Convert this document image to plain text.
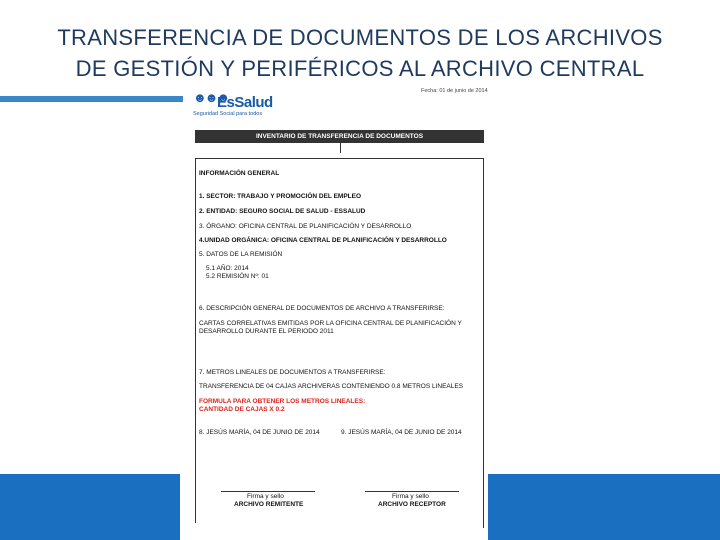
TRANSFERENCIA DE DOCUMENTOS DE LOS ARCHIVOS
DE GESTIÓN Y PERIFÉRICOS AL ARCHIVO CENTRAL
☻☻☻
EsSalud
Seguridad Social para todos
Fecha: 01 de junio de 2014
INVENTARIO DE TRANSFERENCIA DE DOCUMENTOS
INFORMACIÓN GENERAL
1. SECTOR: TRABAJO Y PROMOCIÓN DEL EMPLEO
2. ENTIDAD: SEGURO SOCIAL DE SALUD - ESSALUD
3. ÓRGANO: OFICINA CENTRAL DE PLANIFICACIÓN Y DESARROLLO
4.UNIDAD ORGÁNICA: OFICINA CENTRAL DE PLANIFICACIÓN Y DESARROLLO
5. DATOS DE LA REMISIÓN
5.1 AÑO: 2014
5.2 REMISIÓN Nº: 01
6. DESCRIPCIÓN GENERAL DE DOCUMENTOS DE ARCHIVO A TRANSFERIRSE:
CARTAS CORRELATIVAS EMITIDAS POR LA OFICINA CENTRAL DE PLANIFICACIÓN Y
DESARROLLO DURANTE EL PERIODO 2011
7. METROS LINEALES DE DOCUMENTOS A TRANSFERIRSE:
TRANSFERENCIA DE 04 CAJAS ARCHIVERAS CONTENIENDO 0.8 METROS LINEALES
FORMULA PARA OBTENER LOS METROS LINEALES:
CANTIDAD DE CAJAS X 0.2
8. JESÚS MARÍA, 04 DE JUNIO DE 2014	9. JESÚS MARÍA, 04 DE JUNIO DE 2014
Firma y sello
ARCHIVO REMITENTE
Firma y sello
ARCHIVO RECEPTOR
